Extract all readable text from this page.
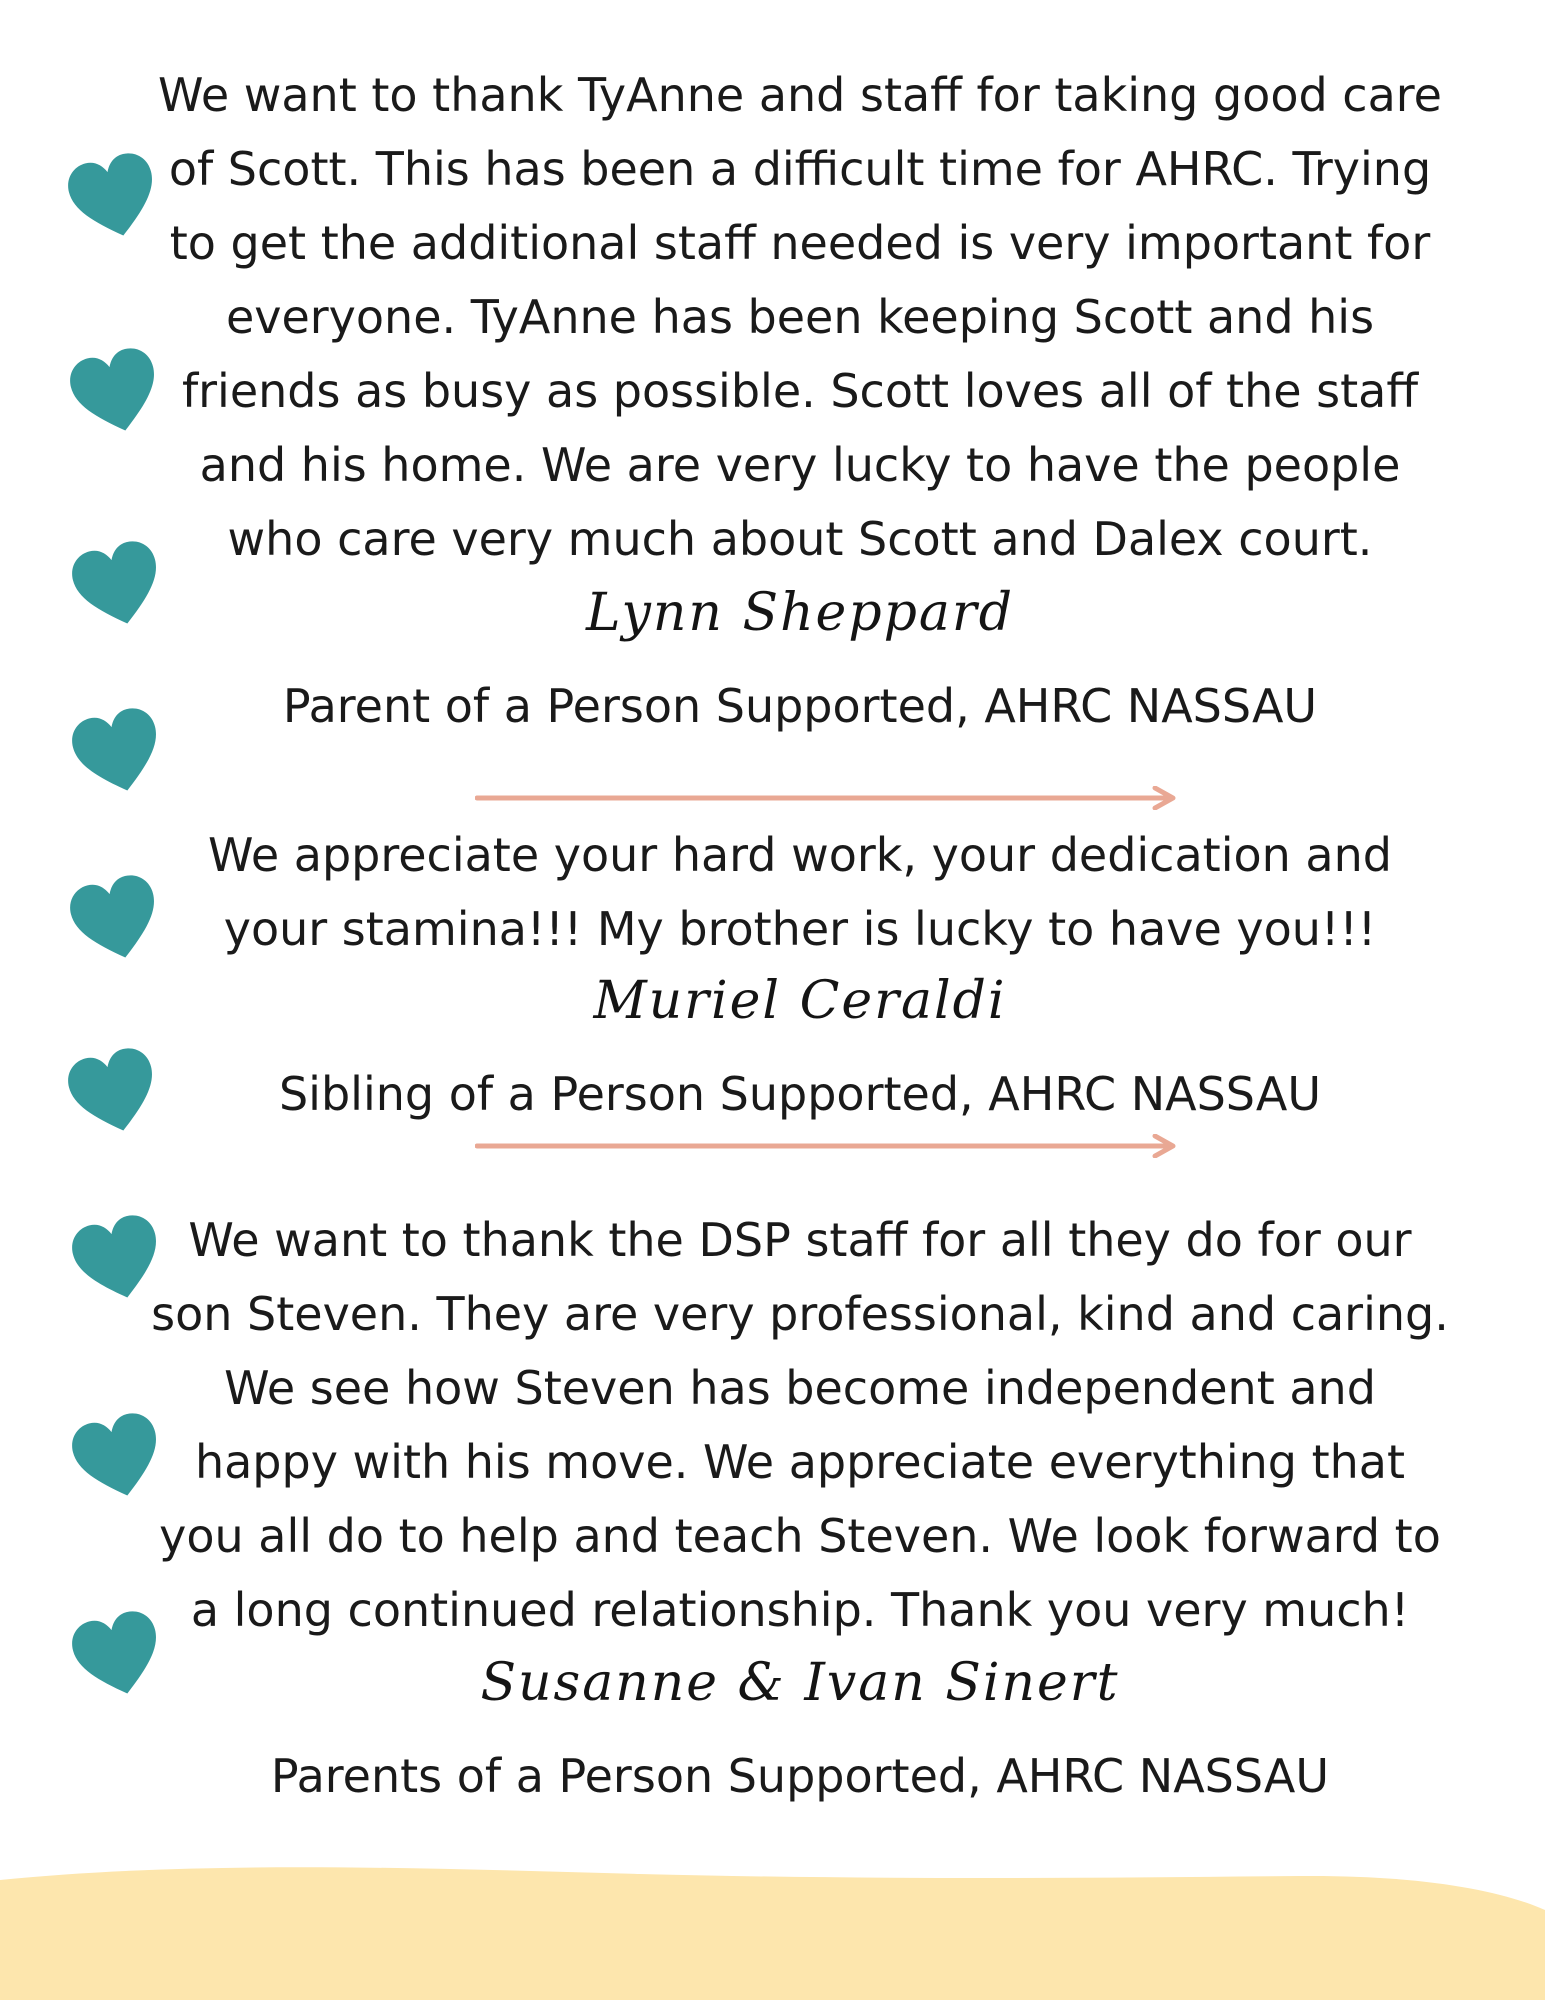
We want to thank TyAnne and staff for taking good care of Scott. This has been a difficult time for AHRC. Trying to get the additional staff needed is very important for everyone. TyAnne has been keeping Scott and his friends as busy as possible. Scott loves all of the staff and his home. We are very lucky to have the people who care very much about Scott and Dalex court.

Lynn Sheppard
Parent of a Person Supported, AHRC NASSAU

We appreciate your hard work, your dedication and your stamina!!! My brother is lucky to have you!!!

Muriel Ceraldi
Sibling of a Person Supported, AHRC NASSAU

We want to thank the DSP staff for all they do for our son Steven. They are very professional, kind and caring. We see how Steven has become independent and happy with his move. We appreciate everything that you all do to help and teach Steven. We look forward to a long continued relationship. Thank you very much!

Susanne & Ivan Sinert
Parents of a Person Supported, AHRC NASSAU
